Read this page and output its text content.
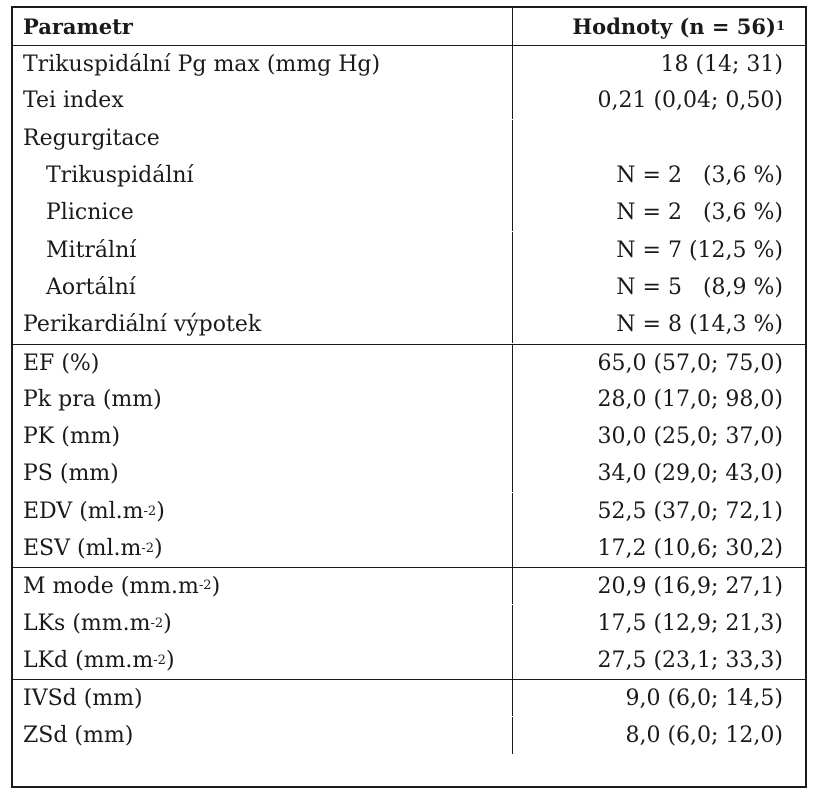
Parametr	Hodnoty (n = 56) 1
Trikuspidální Pg max (mmg Hg)	18 (14; 31)
Tei index	0,21 (0,04; 0,50)
Regurgitace
Trikuspidální	N = 2   (3,6 %)
Plicnice	N = 2   (3,6 %)
Mitrální	N = 7 (12,5 %)
Aortální	N = 5   (8,9 %)
Perikardiální výpotek	N = 8 (14,3 %)
EF (%)	65,0 (57,0; 75,0)
Pk pra (mm)	28,0 (17,0; 98,0)
PK (mm)	30,0 (25,0; 37,0)
PS (mm)	34,0 (29,0; 43,0)
EDV (ml.m -2 )	52,5 (37,0; 72,1)
ESV (ml.m -2 )	17,2 (10,6; 30,2)
M mode (mm.m -2 )	20,9 (16,9; 27,1)
LKs (mm.m -2 )	17,5 (12,9; 21,3)
LKd (mm.m -2 )	27,5 (23,1; 33,3)
IVSd (mm)	9,0 (6,0; 14,5)
ZSd (mm)	8,0 (6,0; 12,0)
